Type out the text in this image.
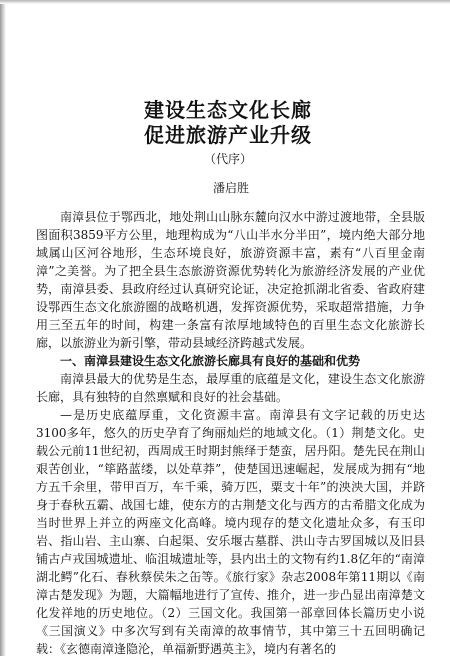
建设生态文化长廊
促进旅游产业升级
（代序）
潘启胜

南漳县位于鄂西北，地处荆山山脉东麓向汉水中游过渡地带，全县版图面积3859平方公里，地理构成为“八山半水分半田”，境内绝大部分地域属山区河谷地形，生态环境良好，旅游资源丰富，素有“八百里金南漳”之美誉。为了把全县生态旅游资源优势转化为旅游经济发展的产业优势，南漳县委、县政府经过认真研究论证，决定抢抓湖北省委、省政府建设鄂西生态文化旅游圈的战略机遇，发挥资源优势，采取超常措施，力争用三至五年的时间，构建一条富有浓厚地域特色的百里生态文化旅游长廊，以旅游业为新引擎，带动县域经济跨越式发展。

一、南漳县建设生态文化旅游长廊具有良好的基础和优势

南漳县最大的优势是生态，最厚重的底蕴是文化，建设生态文化旅游长廊，具有独特的自然禀赋和良好的社会基础。

—是历史底蕴厚重，文化资源丰富。南漳县有文字记载的历史达3100多年，悠久的历史孕育了绚丽灿烂的地域文化。（1）荆楚文化。史载公元前11世纪初，西周成王时期封熊绎于楚蛮，居丹阳。楚先民在荆山艰苦创业，“筚路蓝缕，以处草莽”，使楚国迅速崛起，发展成为拥有“地方五千余里，带甲百万，车千乘，骑万匹，粟支十年”的泱泱大国，并跻身于春秋五霸、战国七雄，使东方的古荆楚文化与西方的古希腊文化成为当时世界上并立的两座文化高峰。境内现存的楚文化遗址众多，有玉印岩、指山岩、主山寨、白起渠、安乐堰古墓群、洪山寺古罗国城以及旧县铺古卢戎国城遗址、临沮城遗址等，县内出土的文物有约1.8亿年的“南漳湖北鳄”化石、春秋蔡侯朱之缶等。《旅行家》杂志2008年第11期以《南漳古楚发现》为题，大篇幅地进行了宣传、推介，进一步凸显出南漳楚文化发祥地的历史地位。（2）三国文化。我国第一部章回体长篇历史小说《三国演义》中多次写到有关南漳的故事情节，其中第三十五回明确记载：《玄德南漳逢隐沦，单福新野遇英主》，境内有著名的
